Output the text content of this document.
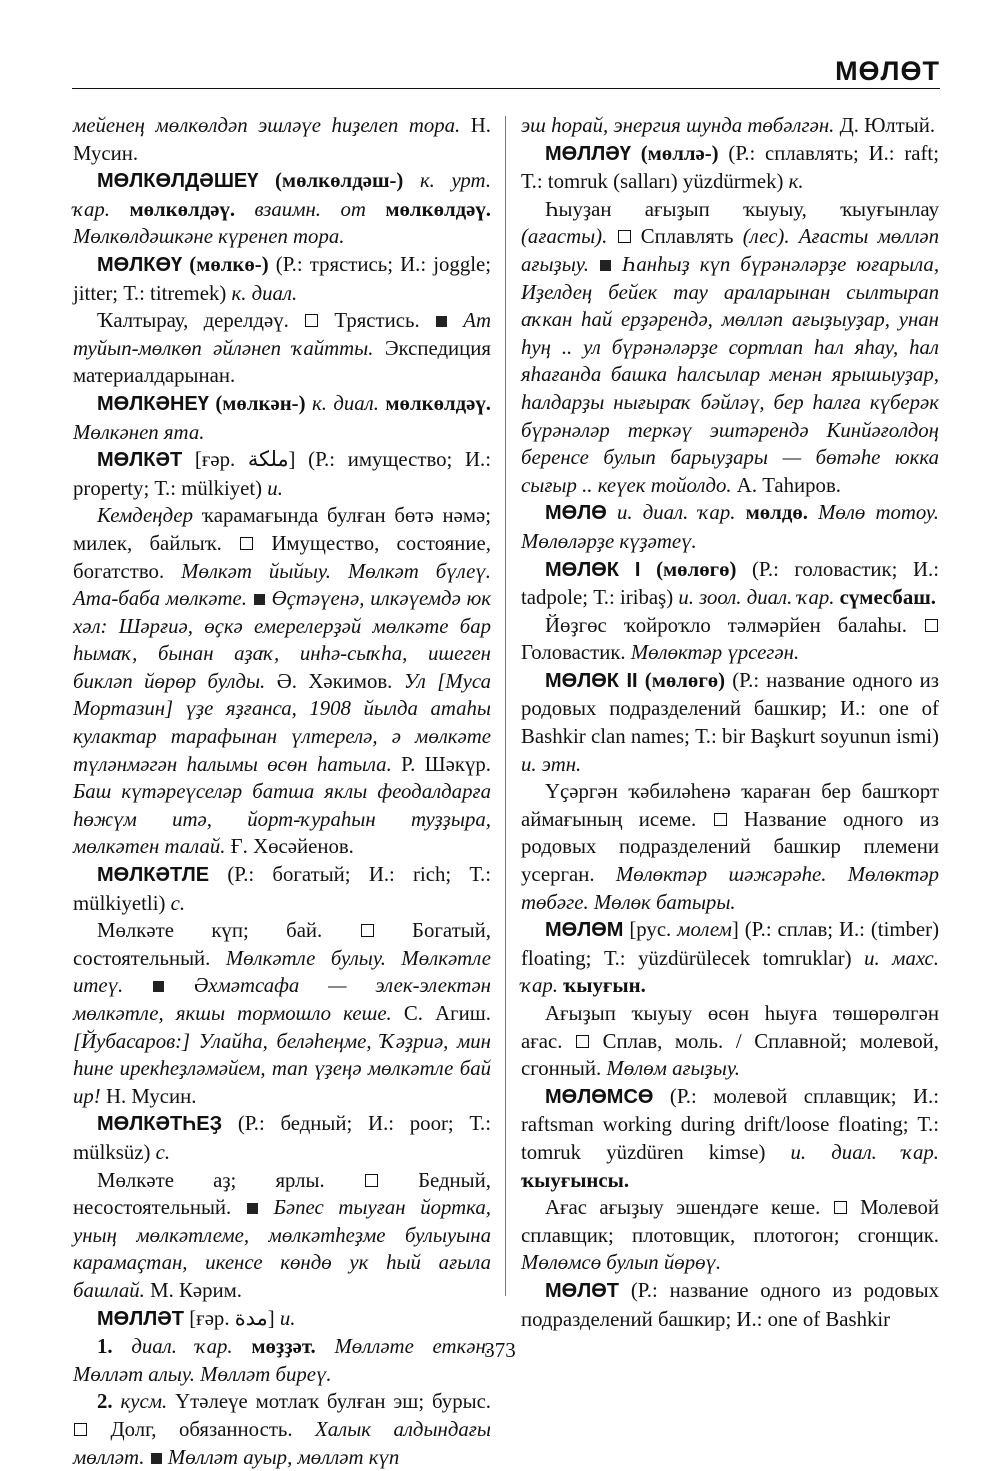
МӨЛӨТ

мейенең мөлкөлдәп эшләүе һиҙелеп тора. Н. Мусин.

МӨЛКӨЛДӘШЕҮ (мөлкөлдәш-) к. урт. ҡар. мөлкөлдәү. взаимн. от мөлкөлдәү. Мөлкөлдәшкәне күренеп тора.

МӨЛКӨҮ (мөлкө-) (Р.: трястись; И.: joggle; jitter; Т.: titremek) к. диал.

Ҡалтырау, дерелдәү. Трястись. Ат туйып-мөлкөп әйләнеп ҡайтты. Экспедиция материалдарынан.

МӨЛКӘНЕҮ (мөлкән-) к. диал. мөлкөлдәү. Мөлкәнеп ята.

МӨЛКӘТ [ғәр. ملكة] (Р.: имущество; И.: property; Т.: mülkiyet) и.

Кемдеңдер ҡарамағында булған бөтә нәмә; милек, байлыҡ. Имущество, состояние, богатство. Мөлкәт йыйыу. Мөлкәт бүлеү. Ата-баба мөлкәте. Өҫтәүенә, илкәүемдә юк хәл: Шәрғиә, өҫкә емерелерҙәй мөлкәте бар һымаҡ, бынан аҙаҡ, инһә-сыҡһа, ишеген биклəп йөрөр булды. Ә. Хәкимов. Ул [Муса Мортазин] үҙе яҙғанса, 1908 йылда атаһы кулактар тарафынан үлтерелә, ә мөлкәте түләнмәгән һалымы өсөн һатыла. Р. Шәкүр. Баш күтәреүселәр батша яклы феодалдарға һөжүм итә, йорт-ҡураһын туҙҙыра, мөлкәтен талай. Ғ. Хөсәйенов.

МӨЛКӘТЛЕ (Р.: богатый; И.: rich; Т.: mülkiyetli) с.

Мөлкәте күп; бай.	Богатый, состоятельный. Мөлкәтле булыу. Мөлкәтле итеү.	Әхмәтсафа — элек-электән мөлкәтле, якшы тормошло кеше. С. Агиш. [Йубасаров:] Улайһа, беләһеңме, Ҡәҙриә, мин һине ирекһеҙләмәйем, тап үҙеңә мөлкәтле бай ир! Н. Мусин.

МӨЛКӘТҺЕҘ (Р.: бедный; И.: poor; Т.: mülksüz) с.

Мөлкәте аҙ; ярлы.	Бедный, несостоятельный. Бәпес тыуған йортка, уның мөлкәтлеме, мөлкәтһеҙме булыуына карамаҫтан, икенсе көндө ук һый ағыла башлай. М. Кәрим.

МӨЛЛӘТ [ғәр. مدة] и.

1. диал. ҡар. мөҙҙәт. Мөлләте еткән. Мөлләт алыу. Мөлләт биреү.

2. кусм. Үтәлеүе мотлаҡ булған эш; бурыс.  Долг, обязанность. Халык алдындағы мөлләт. Мөлләт ауыр, мөлләт күп

эш һорай, энергия шунда төбәлгән. Д. Юлтый.

МӨЛЛӘҮ (мөллә-) (Р.: сплавлять; И.: raft; Т.: tomruk (salları) yüzdürmek) к.

Һыуҙан ағыҙып ҡыуыу, ҡыуғынлау (ағасты). Сплавлять (лес). Ағасты мөлләп ағыҙыу. Һанһыҙ күп бүрәнәләрҙе юғарыла, Иҙелдең бейек тау араларынан сылтырап аҡкан һай ерҙәрендә, мөлләп ағыҙыуҙар, унан һуң .. ул бүрәнәләрҙе сортлап һал яһау, һал яһағанда башка һалсылар менән ярышыуҙар, һалдарҙы нығыраҡ бәйләү, бер һалға күберәк бүрәнәләр теркәү эштәрендә Кинйәғолдоң беренсе булып барыуҙары — бөтәһе юкка сығыр .. кеүек тойолдо. А. Таһиров.

МӨЛӨ и. диал. ҡар. мөлдө. Мөлө тотоу. Мөлөләрҙе күҙәтеү.

МӨЛӨК I (мөлөгө) (Р.: головастик; И.: tadpole; Т.: iribaş) и. зоол. диал. ҡар. сүмесбаш.

Йөҙгөс ҡойроҡло тәлмәрйен балаһы.  Головастик. Мөлөктәр үрсегән.

МӨЛӨК II (мөлөгө) (Р.: название одного из родовых подразделений башкир; И.: one of Bashkir clan names; Т.: bir Başkurt soyunun ismi) и. этн.

Үҫәргән ҡәбиләһенә ҡараған бер башҡорт аймағының исеме. Название одного из родовых подразделений башкир племени усерган. Мөлөктәр шәжәрәһе. Мөлөктәр төбәге. Мөлөк батыры.

МӨЛӨМ [рус. молем] (Р.: сплав; И.: (timber) floating; Т.: yüzdürülecek tomruklar) и. махс. ҡар. ҡыуғын.

Ағыҙып ҡыуыу өсөн һыуға төшөрөлгән ағас. Сплав, моль. / Сплавной; молевой, сгонный. Мөлөм ағыҙыу.

МӨЛӨМСӨ (Р.: молевой сплавщик; И.: raftsman working during drift/loose floating; Т.: tomruk yüzdüren kimse) и. диал. ҡар. ҡыуғынсы.

Ағас ағыҙыу эшендәге кеше. Молевой сплавщик; плотовщик, плотогон; сгонщик. Мөлөмсө булып йөрөү.

МӨЛӨТ (Р.: название одного из родовых подразделений башкир; И.: one of Bashkir

373
